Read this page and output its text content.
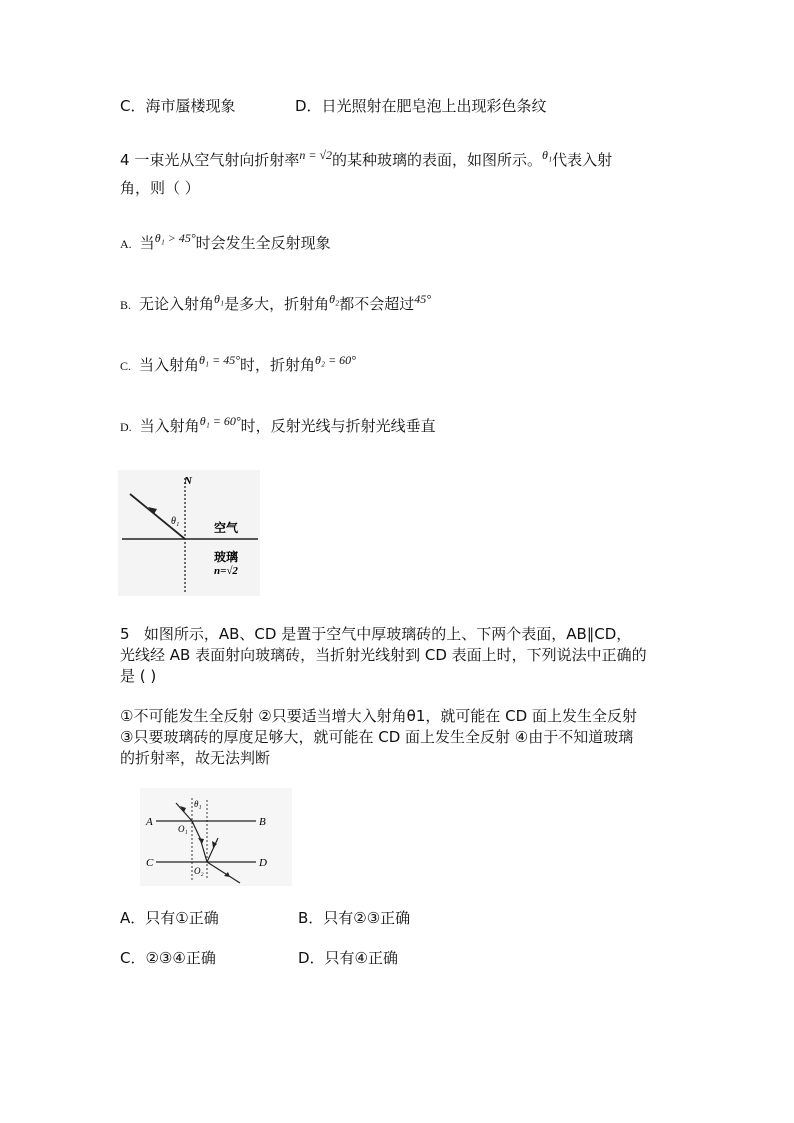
C．海市蜃楼现象	D．日光照射在肥皂泡上出现彩色条纹
4 一束光从空气射向折射率$^{n = √2}$的某种玻璃的表面，如图所示。$^{\theta_1}$代表入射
角，则（ ）
A. 当$^{\theta_1 > 45^\circ}$时会发生全反射现象
B. 无论入射角$^{\theta_1}$是多大，折射角$^{\theta_2}$都不会超过$^{45^\circ}$
C. 当入射角$^{\theta_1 = 45^\circ}$时，折射角$^{\theta_2 = 60^\circ}$
D. 当入射角$^{\theta_1 = 60^\circ}$时，反射光线与折射光线垂直
N
θ₁	空气
玻璃
n=√2
5 如图所示，AB、CD 是置于空气中厚玻璃砖的上、下两个表面，AB∥CD，
光线经 AB 表面射向玻璃砖，当折射光线射到 CD 表面上时，下列说法中正确的
是 ( )
①不可能发生全反射 ②只要适当增大入射角θ1，就可能在 CD 面上发生全反射
③只要玻璃砖的厚度足够大，就可能在 CD 面上发生全反射 ④由于不知道玻璃
的折射率，故无法判断
A	B
C	D
O₁
O₂
θ₁
A．只有①正确	B．只有②③正确
C．②③④正确	D．只有④正确
